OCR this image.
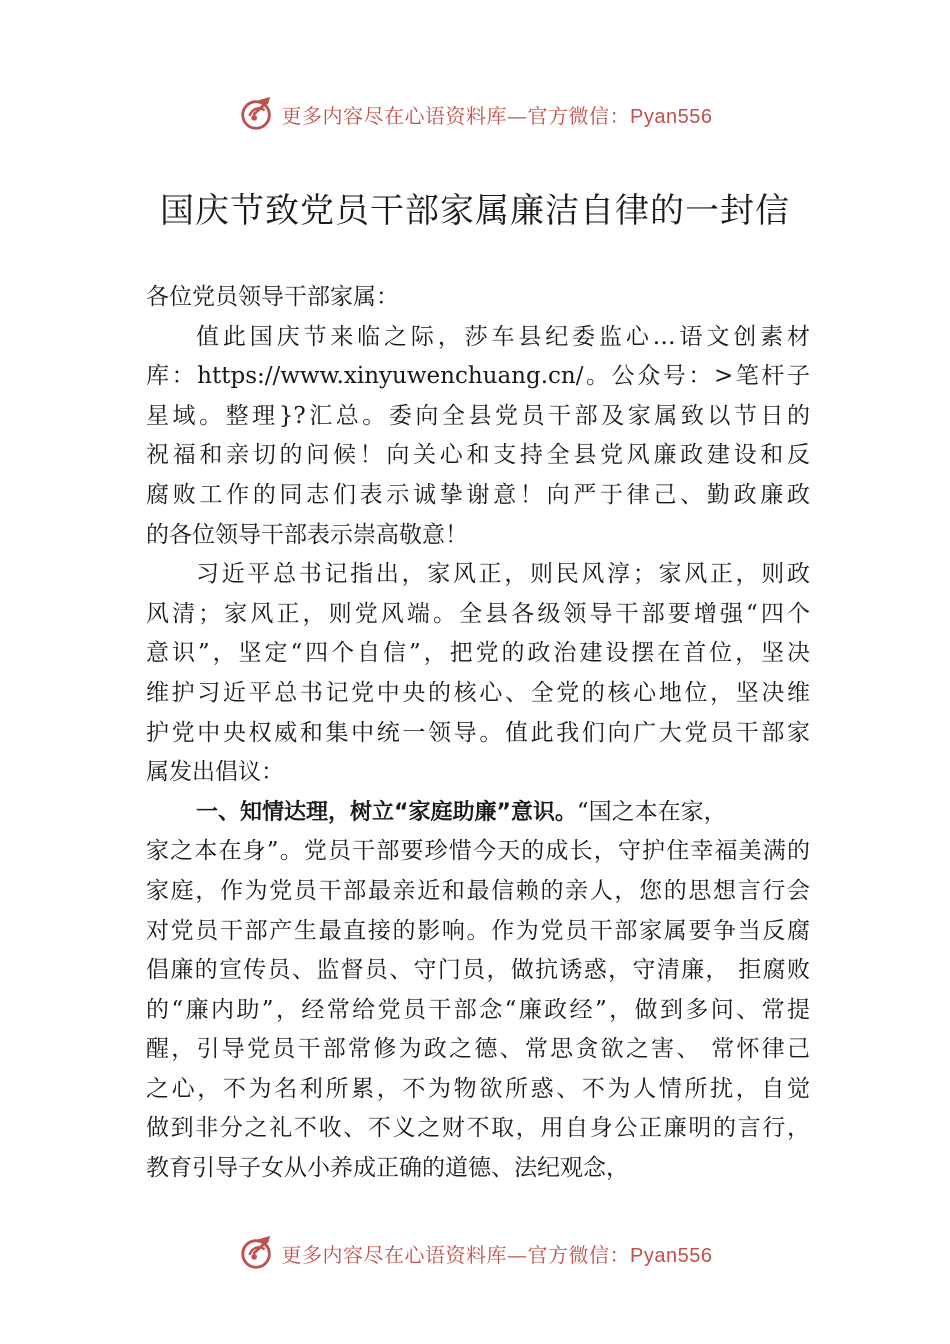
更多内容尽在心语资料库—官方微信：Pyan556
国庆节致党员干部家属廉洁自律的一封信
各位党员领导干部家属：
值此国庆节来临之际，莎车县纪委监心…语文创素材
库：https://www.xinyuwenchuang.cn/。公众号：>笔杆子
星域。整理}?汇总。委向全县党员干部及家属致以节日的
祝福和亲切的问候！向关心和支持全县党风廉政建设和反
腐败工作的同志们表示诚挚谢意！向严于律己、勤政廉政
的各位领导干部表示崇高敬意！
习近平总书记指出，家风正，则民风淳；家风正，则政
风清；家风正，则党风端。全县各级领导干部要增强“四个
意识”，坚定“四个自信”，把党的政治建设摆在首位，坚决
维护习近平总书记党中央的核心、全党的核心地位，坚决维
护党中央权威和集中统一领导。值此我们向广大党员干部家
属发出倡议：
一、知情达理，树立“家庭助廉”意识。“国之本在家，
家之本在身”。党员干部要珍惜今天的成长，守护住幸福美满的
家庭，作为党员干部最亲近和最信赖的亲人，您的思想言行会
对党员干部产生最直接的影响。作为党员干部家属要争当反腐
倡廉的宣传员、监督员、守门员，做抗诱惑，守清廉， 拒腐败
的“廉内助”，经常给党员干部念“廉政经”，做到多问、常提
醒，引导党员干部常修为政之德、常思贪欲之害、 常怀律己
之心，不为名利所累，不为物欲所惑、不为人情所扰，自觉
做到非分之礼不收、不义之财不取，用自身公正廉明的言行，
教育引导子女从小养成正确的道德、法纪观念，
更多内容尽在心语资料库—官方微信：Pyan556
